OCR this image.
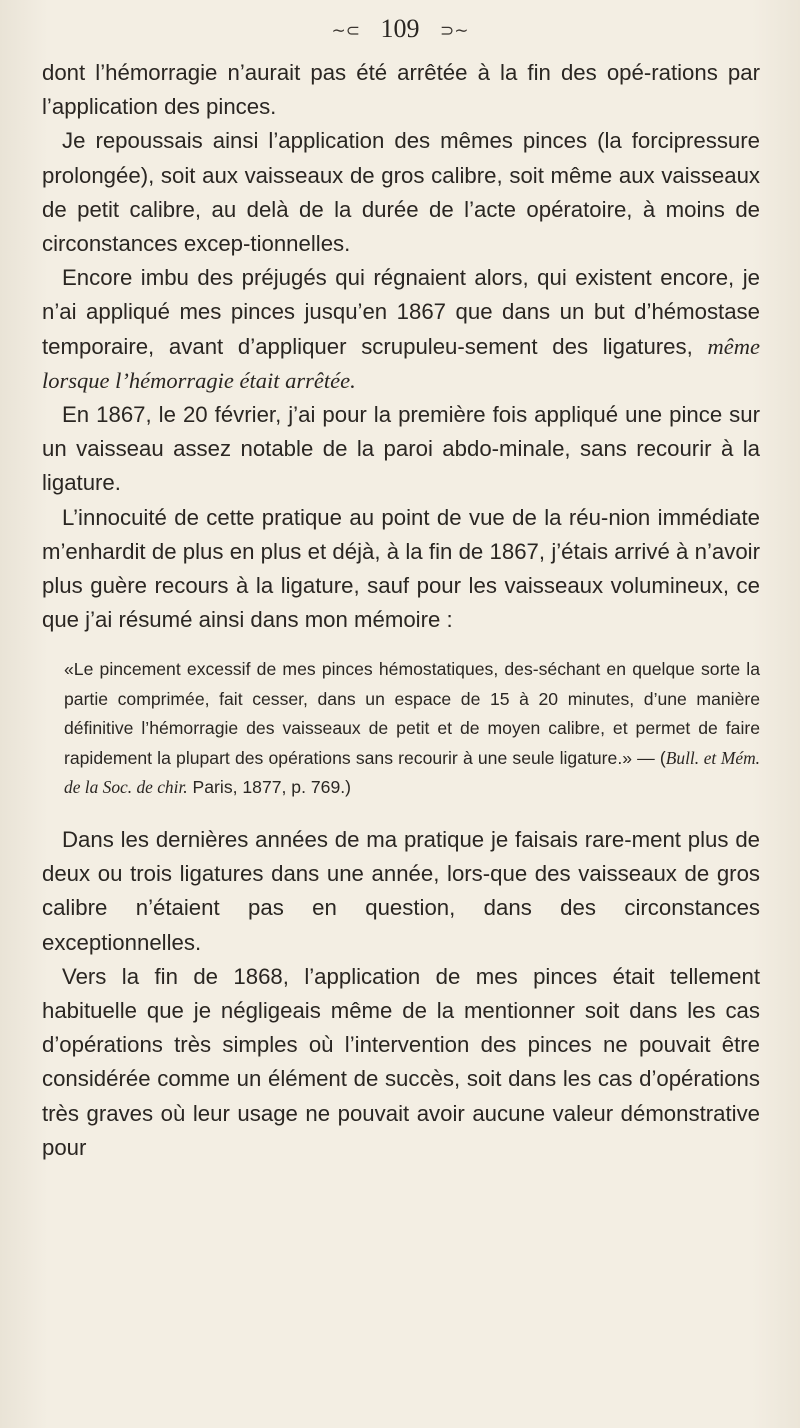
∼⊂ 109 ⊃∼

dont l’hémorragie n’aurait pas été arrêtée à la fin des opé-rations par l’application des pinces.

Je repoussais ainsi l’application des mêmes pinces (la forcipressure prolongée), soit aux vaisseaux de gros calibre, soit même aux vaisseaux de petit calibre, au delà de la durée de l’acte opératoire, à moins de circonstances excep-tionnelles.

Encore imbu des préjugés qui régnaient alors, qui existent encore, je n’ai appliqué mes pinces jusqu’en 1867 que dans un but d’hémostase temporaire, avant d’appliquer scrupuleu-sement des ligatures, même lorsque l’hémorragie était arrêtée.

En 1867, le 20 février, j’ai pour la première fois appliqué une pince sur un vaisseau assez notable de la paroi abdo-minale, sans recourir à la ligature.

L’innocuité de cette pratique au point de vue de la réu-nion immédiate m’enhardit de plus en plus et déjà, à la fin de 1867, j’étais arrivé à n’avoir plus guère recours à la ligature, sauf pour les vaisseaux volumineux, ce que j’ai résumé ainsi dans mon mémoire :

«Le pincement excessif de mes pinces hémostatiques, des-séchant en quelque sorte la partie comprimée, fait cesser, dans un espace de 15 à 20 minutes, d’une manière définitive l’hémorragie des vaisseaux de petit et de moyen calibre, et permet de faire rapidement la plupart des opérations sans recourir à une seule ligature.» — (Bull. et Mém. de la Soc. de chir. Paris, 1877, p. 769.)

Dans les dernières années de ma pratique je faisais rare-ment plus de deux ou trois ligatures dans une année, lors-que des vaisseaux de gros calibre n’étaient pas en question, dans des circonstances exceptionnelles.

Vers la fin de 1868, l’application de mes pinces était tellement habituelle que je négligeais même de la mentionner soit dans les cas d’opérations très simples où l’intervention des pinces ne pouvait être considérée comme un élément de succès, soit dans les cas d’opérations très graves où leur usage ne pouvait avoir aucune valeur démonstrative pour
